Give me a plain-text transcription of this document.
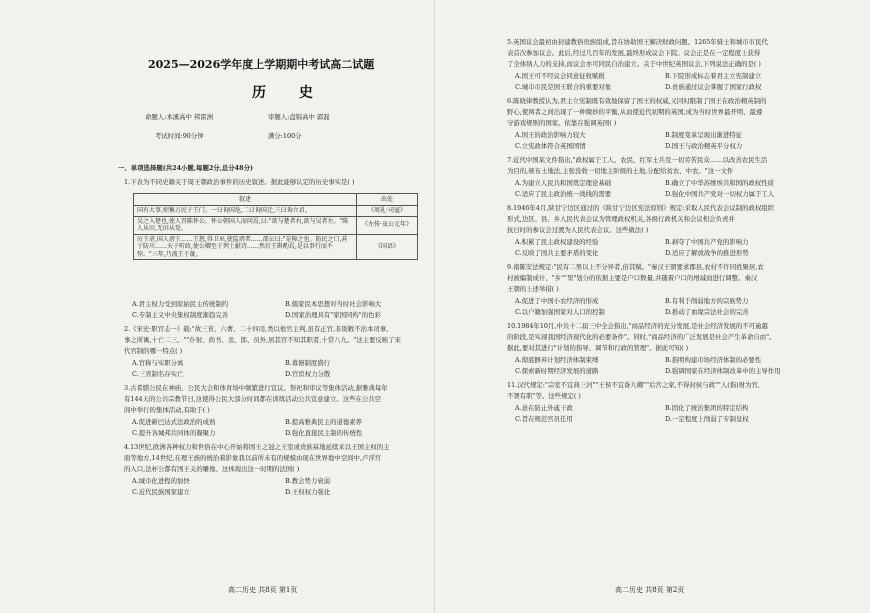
2025—2026学年度上学期期中考试高二试题
历 史
命题人:本溪高中 邦雷洲	审题人:盘锦高中 郭磊
考试时间:90分钟	满分:100分
一、单项选择题(共24小题,每题2分,总分48分)
1.下表为不同史籍关于周王朝政治事件的历史叙述。据此能够认定的历史事实是( )
叙述	出处
国有大事,则集万民于王门。一曰询国危,二曰询国迁,三曰询立君。	《周礼·司寇》
吴之入楚也,使人召陈怀公。怀公朝国人而问焉,曰:"欲与楚者右,欲与吴者左。"陈人从田,无田从党。	《左传·哀公元年》
厉王虐,国人谤王……王怒,得卫巫,使监谤者……邵公曰:"是障之也。防民之口,甚于防川……天子听政,使公卿至于列士献诗……然后王斟酌焉,是以事行而不悖。"三年,乃流王于彘。	《国语》
A.君主权力受到原始民主传统制约	B.儒家民本思想对当时社会影响大
C.专制主义中央集权制度渐趋完善	D.国家治理具有"家国同构"的色彩
2.《宋史·职官志一》载:"故三省、六曹、二十四司,类以他官主判,虽有正官,非别敕不治本司事,
事之所寓,十亡二三。""仆射、尚书、丞、郎、员外,居其官不知其职者,十常八九。"这主要反映了宋
代官制的哪一特点( )
A.官称与实职分离	B.募僚制度盛行
C.三省制名存实亡	D.官宦权力分散
3.古希腊公民在神庙、公民大会和体育场中频繁进行宣议、祭祀和审议等集体活动,据雅典每年
有144天的公共宗教节日,这使得公民大部分时间都在训练活动公共宣意建立。这些在公共空
间中举行的集体活动,有助于( )
A.促进新巴达式法政治的成熟	B.提高雅典民主的道德素养
C.提升各城邦共同体的凝聚力	D.强化直接民主制的传统性
4.13世纪,欧洲各种权力和世俗在中心开始将国王之冠之王室或贵族基地延续来以王国主权的主
面等地方,14世纪,在理王族的统治着影象我以前所未有的规模由现在世界地中空间中,卢浮宫
的入口,法杯公都有国王关的雕像。这体现出这一时期的法国( )
A.城市化进程的加快	B.教会势力衰弱
C.近代民族国家建立	D.王权权力强化
高二历史 共8页 第1页
5.英国议会最初由封建教俗贵族组成,旨在协助国王解决财政问题。1265年骑士和城市市民代
表首次参加议会。此后,经过几百年的发展,最终形成议会下院。议会正是在一定程度上获得
了全体纳人力的支持,而议会亦可同民自治建立。关于中世纪英国议会,下列说法正确的是( )
A.国王可不经议会同意征收赋税	B.下院形成标志着君主立宪制建立
C.城市市民是国王联合的重要对象	D.贵族通过议会掌握了国家行政权
6.陈晓律教授认为,君主立宪制既有效地保留了国王的权威,又同时限制了国王在政治精英制的
野心,使两者之间出现了一种微妙的平衡,从而使近代初期的英国,成为当时世界最开明、最遵
守游戏规则的国家。依靠在强调英国( )
A.国王的政治影响力较大	B.制度变革呈现出渐进特征
C.立宪政体符合英国国情	D.国王与政治精英平分权力
7.近代中国某文件指出,"政权属于工人、农民、红军士兵及一切劳苦民众……以改善农民生活
为目的,颁布土地法,主张没收一切地主阶级的土地,分配给贫农、中农。"这一文件
A.为建立人民共和国奠定理论基础	B.确立了中华苏维埃共和国的政权性质
C.适应了民主政治统一战线的需要	D.强化中国共产党对一切权力属于工人
8.1946年4月,陕甘宁边区通过的《陕甘宁边区宪法原则》规定:采取人民代表会议制的政权组织
形式,边区、县、乡人民代表会议为管理政权机关,各级行政机关和会议相会负责并
抗日时的参议会过渡为人民代表会议。这些做法( )
A.积累了民主政权建设的经验	B.剥夺了中国共产党的影响力
C.反映了国共主要矛盾的变化	D.适应了解放战争的推进形势
9.南陈安法规定:"民有二男以上不分异者,倍其赋。"秦汉王朝要求郡县,农村不许同姓聚居,农
村被编制成什、"乡""里"划分的依据主要是户口数量,并随着户口的增减而进行调整。秦汉
王朝的上述举措( )
A.促进了中国小农经济的形成	B.有利于削弱地方的宗族势力
C.以户籍加强国家对人口的控制	D.推动了血缘宗法社会的完善
10.1984年10月,中共十二届三中全会指出,"商品经济的充分发展,是社会经济发展的不可逾越
的阶段,是实现我国经济现代化的必要条件"。同时,"商品经济的广泛发展是社会产生革命自由"。
据此,要对其进行"计划的指导、调节和行政的管理"。据此可知( )
A.彻底摒弃计划经济体制束缚	B.指明构建市场经济体制的必要性
C.探索新时期经济发展的道路	D.强调国家在经济体制改革中的主导作用
11.汉代规定:"宗室不宜典三河""王侯不宜备九卿""后宫之家,不得封侯与政""人(指)财为官,
不署有职"等。这些规定( )
A.意在防止外戚干政	B.固化了统治集团的特定结构
C.旨在规范官员任用	D.一定程度上削弱了专制皇权
高二历史 共8页 第2页
